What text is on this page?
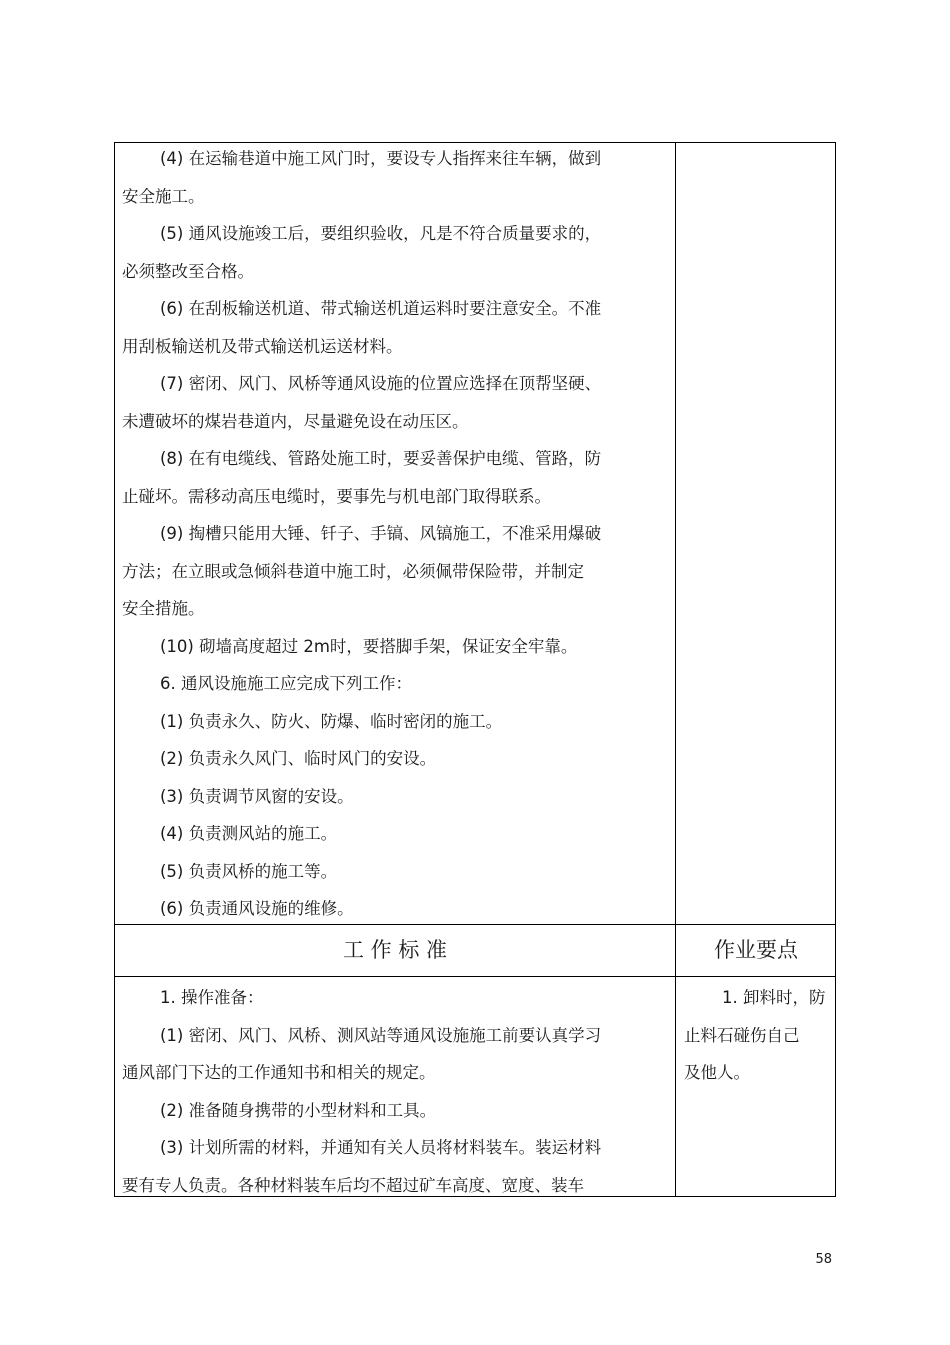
(4) 在运输巷道中施工风门时，要设专人指挥来往车辆，做到

安全施工。

(5) 通风设施竣工后，要组织验收，凡是不符合质量要求的，

必须整改至合格。

(6) 在刮板输送机道、带式输送机道运料时要注意安全。不准

用刮板输送机及带式输送机运送材料。

(7) 密闭、风门、风桥等通风设施的位置应选择在顶帮坚硬、

未遭破坏的煤岩巷道内，尽量避免设在动压区。

(8) 在有电缆线、管路处施工时，要妥善保护电缆、管路，防

止碰坏。需移动高压电缆时，要事先与机电部门取得联系。

(9) 掏槽只能用大锤、钎子、手镐、风镐施工，不准采用爆破

方法；在立眼或急倾斜巷道中施工时，必须佩带保险带，并制定

安全措施。

(10) 砌墙高度超过 2m时，要搭脚手架，保证安全牢靠。

6. 通风设施施工应完成下列工作：

(1) 负责永久、防火、防爆、临时密闭的施工。

(2) 负责永久风门、临时风门的安设。

(3) 负责调节风窗的安设。

(4) 负责测风站的施工。

(5) 负责风桥的施工等。

(6) 负责通风设施的维修。

工 作 标 准	作业要点

1. 操作准备：

(1) 密闭、风门、风桥、测风站等通风设施施工前要认真学习

通风部门下达的工作通知书和相关的规定。

(2) 准备随身携带的小型材料和工具。

(3) 计划所需的材料，并通知有关人员将材料装车。装运材料

要有专人负责。各种材料装车后均不超过矿车高度、宽度、装车

1. 卸料时，防

止料石碰伤自己

及他人。

58
